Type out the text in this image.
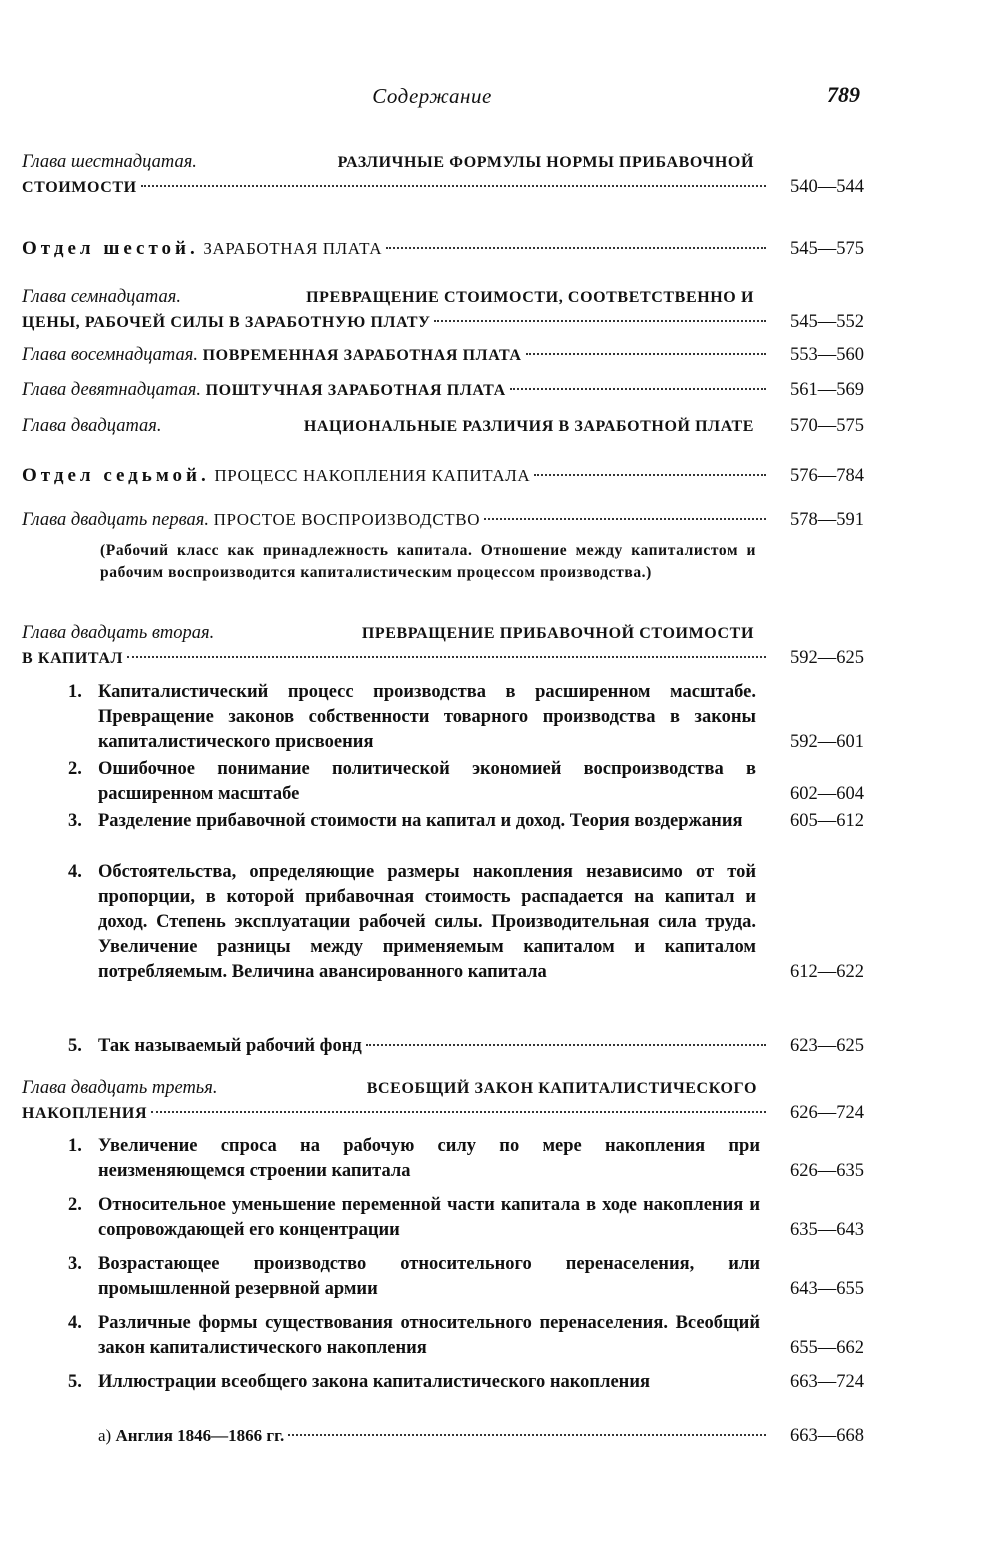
Содержание	789
Глава шестнадцатая.	РАЗЛИЧНЫЕ ФОРМУЛЫ НОРМЫ ПРИБАВОЧНОЙ
СТОИМОСТИ	540—544
Отдел шестой. ЗАРАБОТНАЯ ПЛАТА	545—575
Глава семнадцатая.	ПРЕВРАЩЕНИЕ СТОИМОСТИ, СООТВЕТСТВЕННО И
ЦЕНЫ, РАБОЧЕЙ СИЛЫ В ЗАРАБОТНУЮ ПЛАТУ	545—552
Глава восемнадцатая. ПОВРЕМЕННАЯ ЗАРАБОТНАЯ ПЛАТА	553—560
Глава девятнадцатая. ПОШТУЧНАЯ ЗАРАБОТНАЯ ПЛАТА	561—569
Глава двадцатая.	НАЦИОНАЛЬНЫЕ РАЗЛИЧИЯ В ЗАРАБОТНОЙ ПЛАТЕ	570—575
Отдел седьмой. ПРОЦЕСС НАКОПЛЕНИЯ КАПИТАЛА	576—784
Глава двадцать первая. ПРОСТОЕ ВОСПРОИЗВОДСТВО	578—591
(Рабочий класс как принадлежность капитала. Отношение между капиталистом и рабочим воспроизводится капиталистическим процессом производства.)
Глава двадцать вторая.	ПРЕВРАЩЕНИЕ ПРИБАВОЧНОЙ СТОИМОСТИ
В КАПИТАЛ	592—625
1. Капиталистический процесс производства в расширенном масштабе. Превращение законов собственности товарного производства в законы капиталистического присвоения	592—601
2. Ошибочное понимание политической экономией воспроизводства в расширенном масштабе	602—604
3. Разделение прибавочной стоимости на капитал и доход. Теория воздержания	605—612
4. Обстоятельства, определяющие размеры накопления независимо от той пропорции, в которой прибавочная стоимость распадается на капитал и доход. Степень эксплуатации рабочей силы. Производительная сила труда. Увеличение разницы между применяемым капиталом и капиталом потребляемым. Величина авансированного капитала	612—622
5. Так называемый рабочий фонд	623—625
Глава двадцать третья.	ВСЕОБЩИЙ ЗАКОН КАПИТАЛИСТИЧЕСКОГО
НАКОПЛЕНИЯ	626—724
1. Увеличение спроса на рабочую силу по мере накопления при неизменяющемся строении капитала	626—635
2. Относительное уменьшение переменной части капитала в ходе накопления и сопровождающей его концентрации	635—643
3. Возрастающее производство относительного перенаселения, или промышленной резервной армии	643—655
4. Различные формы существования относительного перенаселения. Всеобщий закон капиталистического накопления	655—662
5. Иллюстрации всеобщего закона капиталистического накопления	663—724
а) Англия 1846—1866 гг.	663—668
